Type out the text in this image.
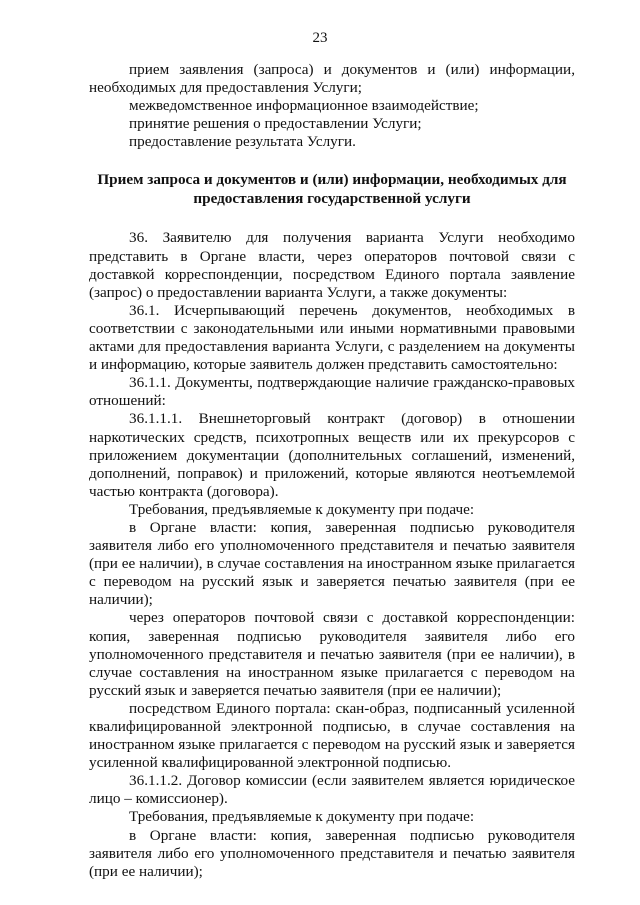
23

прием заявления (запроса) и документов и (или) информации, необходимых для предоставления Услуги;

межведомственное информационное взаимодействие;

принятие решения о предоставлении Услуги;

предоставление результата Услуги.

Прием запроса и документов и (или) информации, необходимых для предоставления государственной услуги

36. Заявителю для получения варианта Услуги необходимо представить в Органе власти, через операторов почтовой связи с доставкой корреспонденции, посредством Единого портала заявление (запрос) о предоставлении варианта Услуги, а также документы:

36.1. Исчерпывающий перечень документов, необходимых в соответствии с законодательными или иными нормативными правовыми актами для предоставления варианта Услуги, с разделением на документы и информацию, которые заявитель должен представить самостоятельно:

36.1.1. Документы, подтверждающие наличие гражданско-правовых отношений:

36.1.1.1. Внешнеторговый контракт (договор) в отношении наркотических средств, психотропных веществ или их прекурсоров с приложением документации (дополнительных соглашений, изменений, дополнений, поправок) и приложений, которые являются неотъемлемой частью контракта (договора).

Требования, предъявляемые к документу при подаче:

в Органе власти: копия, заверенная подписью руководителя заявителя либо его уполномоченного представителя и печатью заявителя (при ее наличии), в случае составления на иностранном языке прилагается с переводом на русский язык и заверяется печатью заявителя (при ее наличии);

через операторов почтовой связи с доставкой корреспонденции: копия, заверенная подписью руководителя заявителя либо его уполномоченного представителя и печатью заявителя (при ее наличии), в случае составления на иностранном языке прилагается с переводом на русский язык и заверяется печатью заявителя (при ее наличии);

посредством Единого портала: скан-образ, подписанный усиленной квалифицированной электронной подписью, в случае составления на иностранном языке прилагается с переводом на русский язык и заверяется усиленной квалифицированной электронной подписью.

36.1.1.2. Договор комиссии (если заявителем является юридическое лицо – комиссионер).

Требования, предъявляемые к документу при подаче:

в Органе власти: копия, заверенная подписью руководителя заявителя либо его уполномоченного представителя и печатью заявителя (при ее наличии);
